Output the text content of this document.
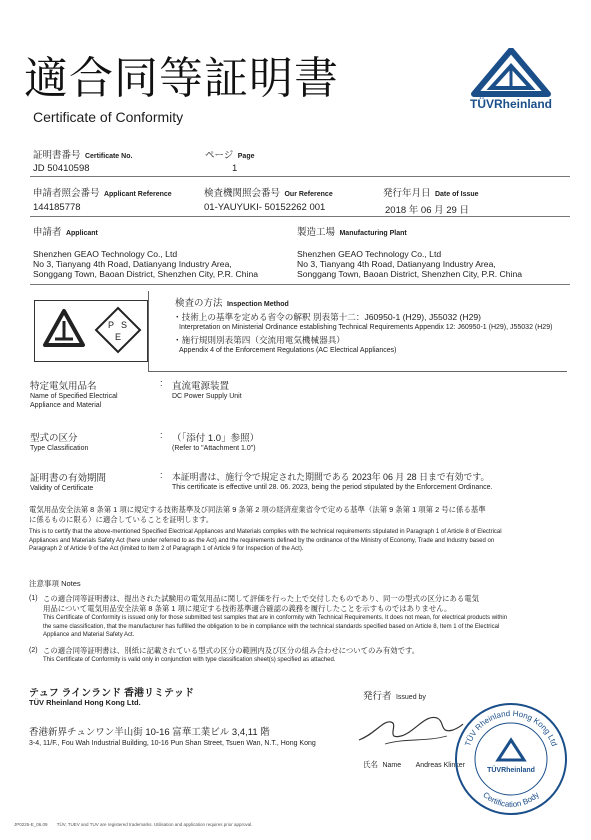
適合同等証明書
Certificate of Conformity
TÜVRheinland
証明書番号 Certificate No.	ページ Page
JD 50410598	1
申請者照会番号 Applicant Reference	検査機関照会番号 Our Reference	発行年月日 Date of Issue
144185778	01-YAUYUKI- 50152262 001	2018 年 06 月 29 日
申請者 Applicant	製造工場 Manufacturing Plant
Shenzhen GEAO Technology Co., Ltd
No 3, Tianyang 4th Road, Datianyang Industry Area,
Songgang Town, Baoan District, Shenzhen City, P.R. China
Shenzhen GEAO Technology Co., Ltd
No 3, Tianyang 4th Road, Datianyang Industry Area,
Songgang Town, Baoan District, Shenzhen City, P.R. China
P S
E
検査の方法 Inspection Method
・技術上の基準を定める省令の解釈 別表第十二：J60950-1 (H29), J55032 (H29)
Interpretation on Ministerial Ordinance establishing Technical Requirements Appendix 12: J60950-1 (H29), J55032 (H29)
・施行規則別表第四（交流用電気機械器具）
Appendix 4 of the Enforcement Regulations (AC Electrical Appliances)
特定電気用品名
Name of Specified Electrical
Appliance and Material
: 直流電源装置
DC Power Supply Unit
型式の区分
Type Classification
: （「添付 1.0」参照）
(Refer to "Attachment 1.0")
証明書の有効期間
Validity of Certificate
: 本証明書は、施行令で規定された期間である 2023年 06 月 28 日まで有効です。
This certificate is effective until 28. 06. 2023, being the period stipulated by the Enforcement Ordinance.
電気用品安全法第 8 条第 1 項に規定する技術基準及び同法第 9 条第 2 項の経済産業省令で定める基準（法第 9 条第 1 項第 2 号に係る基準
に係るものに限る）に適合していることを証明します。
This is to certify that the above-mentioned Specified Electrical Appliances and Materials complies with the technical requirements stipulated in Paragraph 1 of Article 8 of Electrical
Appliances and Materials Safety Act (here under referred to as the Act) and the requirements defined by the ordinance of the Ministry of Economy, Trade and Industry based on
Paragraph 2 of Article 9 of the Act (limited to Item 2 of Paragraph 1 of Article 9 for Inspection of the Act).
注意事項 Notes
(1) この適合同等証明書は、提出された試験用の電気用品に関して評価を行った上で交付したものであり、同一の型式の区分にある電気
用品について電気用品安全法第 8 条第 1 項に規定する技術基準適合確認の義務を履行したことを示すものではありません。
This Certificate of Conformity is issued only for those submitted test samples that are in conformity with Technical Requirements. It does not mean, for electrical products within
the same classification, that the manufacturer has fulfilled the obligation to be in compliance with the technical standards specified based on Article 8, Item 1 of the Electrical
Appliance and Material Safety Act.
(2) この適合同等証明書は、別紙に記載されている型式の区分の範囲内及び区分の組み合わせについてのみ有効です。
This Certificate of Conformity is valid only in conjunction with type classification sheet(s) specified as attached.
テュフ ラインランド 香港リミテッド
TÜV Rheinland Hong Kong Ltd.
香港新界チュンワン半山街 10-16 富華工業ビル 3,4,11 階
3-4, 11/F., Fou Wah Industrial Building, 10-16 Pun Shan Street, Tsuen Wan, N.T., Hong Kong
発行者 Issued by
氏名 Name Andreas Klinker
TÜV Rheinland Hong Kong Ltd
Certification Body
TÜVRheinland
JP0225-E_06.09 TÜV, TUEV and TUV are registered trademarks. Utilisation and application requires prior approval.
